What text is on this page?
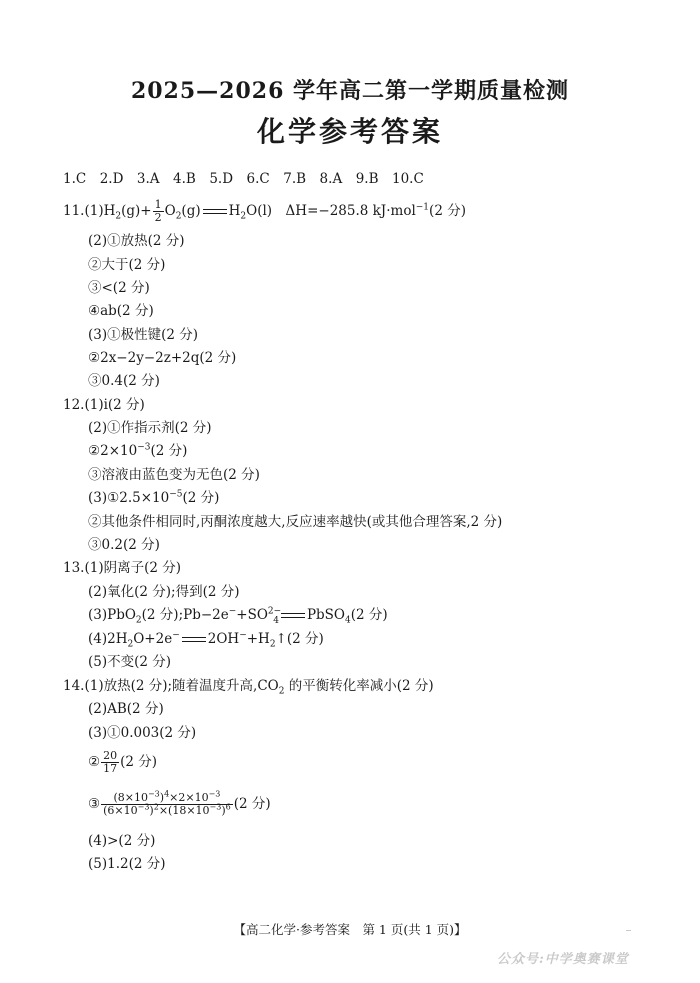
2025—2026 学年高二第一学期质量检测
化学参考答案
1.C　2.D　3.A　4.B　5.D　6.C　7.B　8.A　9.B　10.C
$11.(1)H_2(g)+ \frac{1}{2} O_2(g)$ $H_2O(l)$　ΔH=−285.8 kJ·mol$^{-1}$(2 分)
(2)①放热(2 分)
②大于(2 分)
③<(2 分)
④ab(2 分)
(3)①极性键(2 分)
②2x−2y−2z+2q(2 分)
③0.4(2 分)
12.(1)ⅰ(2 分)
(2)①作指示剂(2 分)
$②2\times 10^{-3}(2$ 分)
③溶液由蓝色变为无色(2 分)
$(3)①2.5\times 10^{-5}(2$ 分)
②其他条件相同时,丙酮浓度越大,反应速率越快(或其他合理答案,2 分)
③0.2(2 分)
13.(1)阴离子(2 分)
(2)氧化(2 分);得到(2 分)
(3)PbO$_2$(2 分)$;Pb-2e^-+SO^{2-}_4$ PbSO$_4$(2 分)
$(4)2H_2O+2e^-$ $2OH^-+H_2↑(2$ 分)
(5)不变(2 分)
14.(1)放热(2 分);随着温度升高$,CO_2$ 的平衡转化率减小(2 分)
(2)AB(2 分)
(3)①0.003(2 分)
② $\frac{20}{17} (2$ 分)
③ $\frac{(8\times 10^{-3})^4\times 2\times 10^{-3}}{(6\times 10^{-3})^2\times(18\times 10^{-3})^6} (2$ 分)
(4)>(2 分)
(5)1.2(2 分)
【高二化学·参考答案　第 1 页(共 1 页)】
公众号:中学奥赛课堂
